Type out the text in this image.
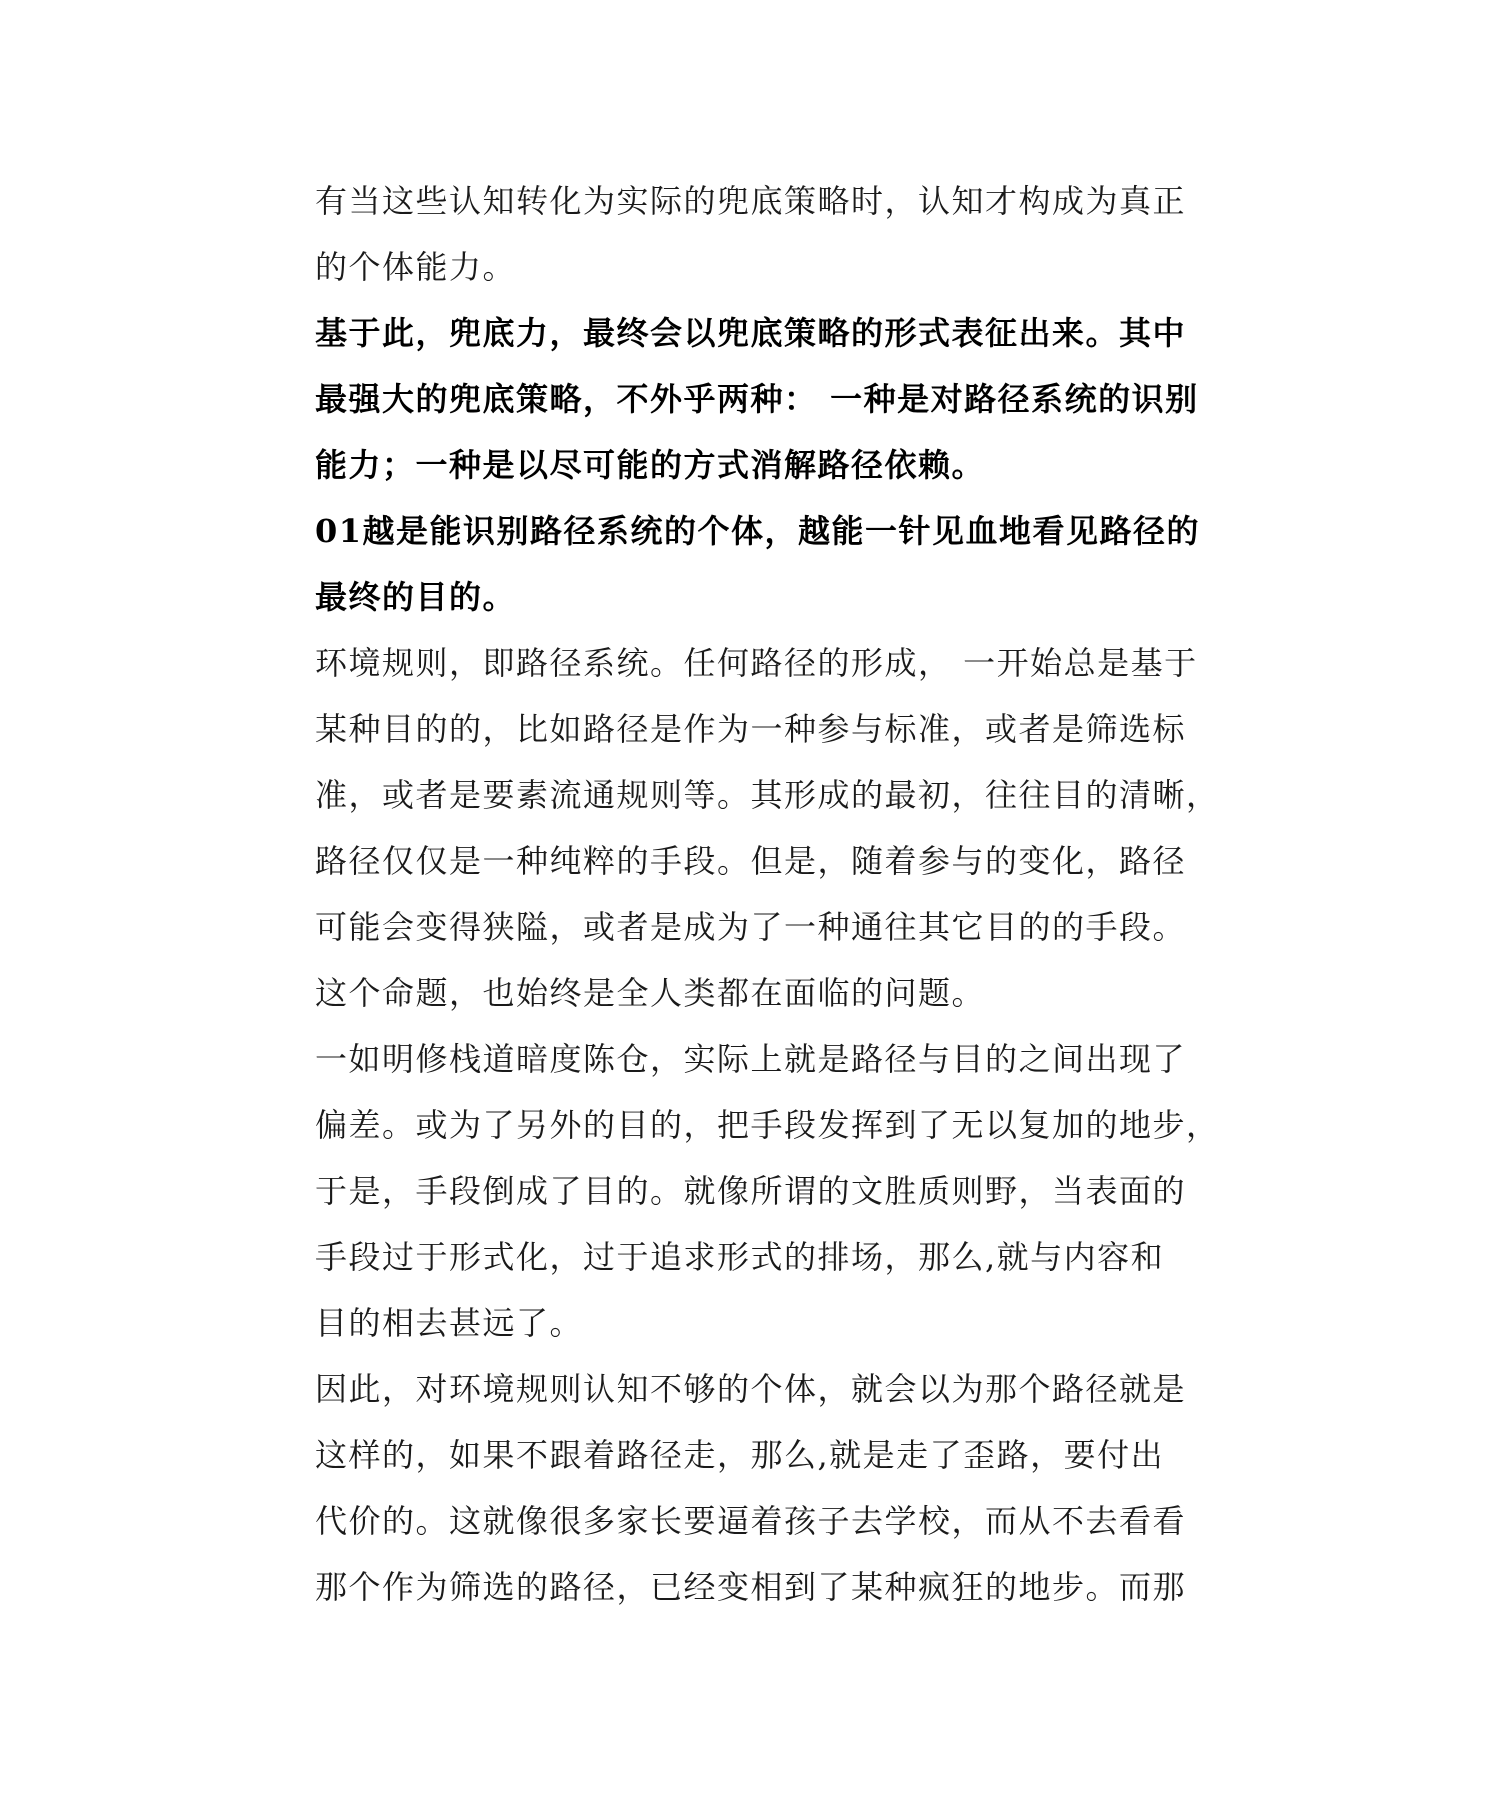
有当这些认知转化为实际的兜底策略时，认知才构成为真正
的个体能力。
基于此，兜底力，最终会以兜底策略的形式表征出来。其中
最强大的兜底策略，不外乎两种： 一种是对路径系统的识别
能力；一种是以尽可能的方式消解路径依赖。
01越是能识别路径系统的个体，越能一针见血地看见路径的
最终的目的。
环境规则，即路径系统。任何路径的形成， 一开始总是基于
某种目的的，比如路径是作为一种参与标准，或者是筛选标
准，或者是要素流通规则等。其形成的最初，往往目的清晰，
路径仅仅是一种纯粹的手段。但是，随着参与的变化，路径
可能会变得狭隘，或者是成为了一种通往其它目的的手段。
这个命题，也始终是全人类都在面临的问题。
一如明修栈道暗度陈仓，实际上就是路径与目的之间出现了
偏差。或为了另外的目的，把手段发挥到了无以复加的地步，
于是，手段倒成了目的。就像所谓的文胜质则野，当表面的
手段过于形式化，过于追求形式的排场，那么,就与内容和
目的相去甚远了。
因此，对环境规则认知不够的个体，就会以为那个路径就是
这样的，如果不跟着路径走，那么,就是走了歪路，要付出
代价的。这就像很多家长要逼着孩子去学校，而从不去看看
那个作为筛选的路径，已经变相到了某种疯狂的地步。而那
